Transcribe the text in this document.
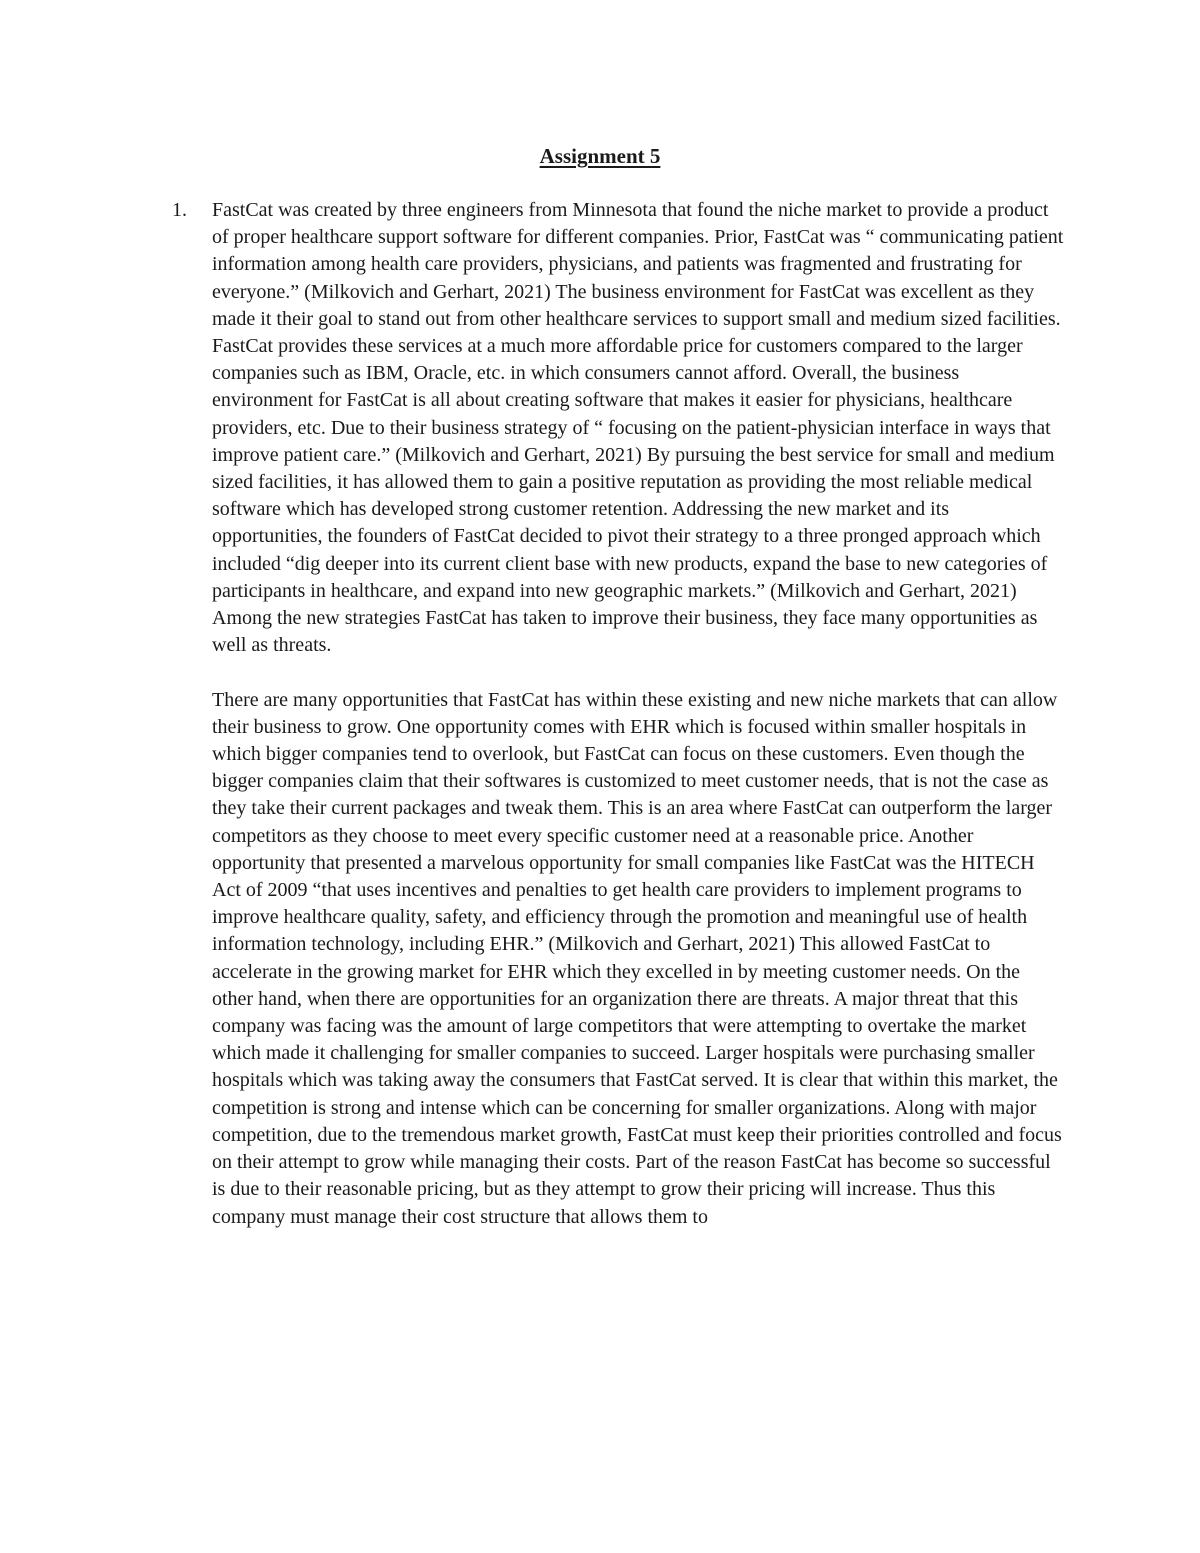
Assignment 5
1. FastCat was created by three engineers from Minnesota that found the niche market to provide a product of proper healthcare support software for different companies. Prior, FastCat was “ communicating patient information among health care providers, physicians, and patients was fragmented and frustrating for everyone.” (Milkovich and Gerhart, 2021) The business environment for FastCat was excellent as they made it their goal to stand out from other healthcare services to support small and medium sized facilities. FastCat provides these services at a much more affordable price for customers compared to the larger companies such as IBM, Oracle, etc. in which consumers cannot afford. Overall, the business environment for FastCat is all about creating software that makes it easier for physicians, healthcare providers, etc. Due to their business strategy of “ focusing on the patient-physician interface in ways that improve patient care.” (Milkovich and Gerhart, 2021) By pursuing the best service for small and medium sized facilities, it has allowed them to gain a positive reputation as providing the most reliable medical software which has developed strong customer retention. Addressing the new market and its opportunities, the founders of FastCat decided to pivot their strategy to a three pronged approach which included “dig deeper into its current client base with new products, expand the base to new categories of participants in healthcare, and expand into new geographic markets.” (Milkovich and Gerhart, 2021) Among the new strategies FastCat has taken to improve their business, they face many opportunities as well as threats.

There are many opportunities that FastCat has within these existing and new niche markets that can allow their business to grow. One opportunity comes with EHR which is focused within smaller hospitals in which bigger companies tend to overlook, but FastCat can focus on these customers. Even though the bigger companies claim that their softwares is customized to meet customer needs, that is not the case as they take their current packages and tweak them. This is an area where FastCat can outperform the larger competitors as they choose to meet every specific customer need at a reasonable price. Another opportunity that presented a marvelous opportunity for small companies like FastCat was the HITECH Act of 2009 “that uses incentives and penalties to get health care providers to implement programs to improve healthcare quality, safety, and efficiency through the promotion and meaningful use of health information technology, including EHR.” (Milkovich and Gerhart, 2021) This allowed FastCat to accelerate in the growing market for EHR which they excelled in by meeting customer needs. On the other hand, when there are opportunities for an organization there are threats. A major threat that this company was facing was the amount of large competitors that were attempting to overtake the market which made it challenging for smaller companies to succeed. Larger hospitals were purchasing smaller hospitals which was taking away the consumers that FastCat served. It is clear that within this market, the competition is strong and intense which can be concerning for smaller organizations. Along with major competition, due to the tremendous market growth, FastCat must keep their priorities controlled and focus on their attempt to grow while managing their costs. Part of the reason FastCat has become so successful is due to their reasonable pricing, but as they attempt to grow their pricing will increase. Thus this company must manage their cost structure that allows them to
